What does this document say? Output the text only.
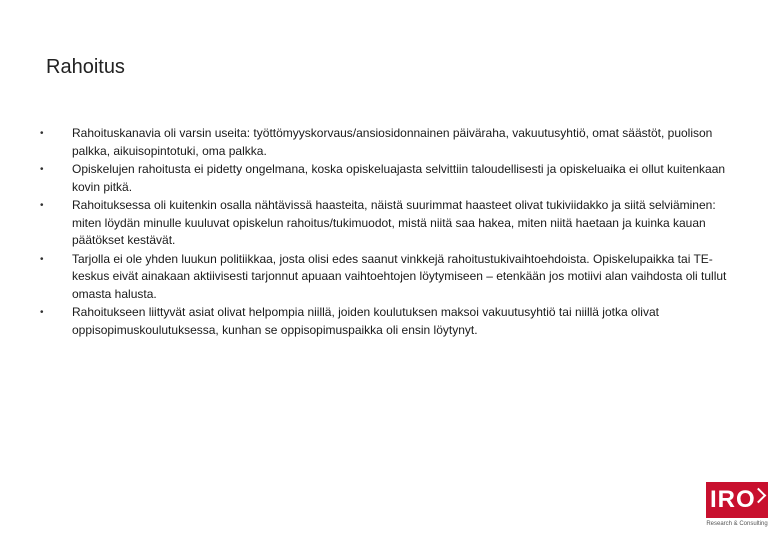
Rahoitus
•	Rahoituskanavia oli varsin useita: työttömyyskorvaus/ansiosidonnainen päiväraha, vakuutusyhtiö, omat säästöt, puolison palkka, aikuisopintotuki, oma palkka.
•	Opiskelujen rahoitusta ei pidetty ongelmana, koska opiskeluajasta selvittiin taloudellisesti ja opiskeluaika ei ollut kuitenkaan kovin pitkä.
•	Rahoituksessa oli kuitenkin osalla nähtävissä haasteita, näistä suurimmat haasteet olivat tukiviidakko ja siitä selviäminen: miten löydän minulle kuuluvat opiskelun rahoitus/tukimuodot, mistä niitä saa hakea, miten niitä haetaan ja kuinka kauan päätökset kestävät.
•	Tarjolla ei ole yhden luukun politiikkaa, josta olisi edes saanut vinkkejä rahoitustukivaihtoehdoista. Opiskelupaikka tai TE-keskus eivät ainakaan aktiivisesti tarjonnut apuaan vaihtoehtojen löytymiseen – etenkään jos motiivi alan vaihdosta oli tullut omasta halusta.
•	Rahoitukseen liittyvät asiat olivat helpompia niillä, joiden koulutuksen maksoi vakuutusyhtiö tai niillä jotka olivat oppisopimuskoulutuksessa, kunhan se oppisopimuspaikka oli ensin löytynyt.
IRO
Research & Consulting
